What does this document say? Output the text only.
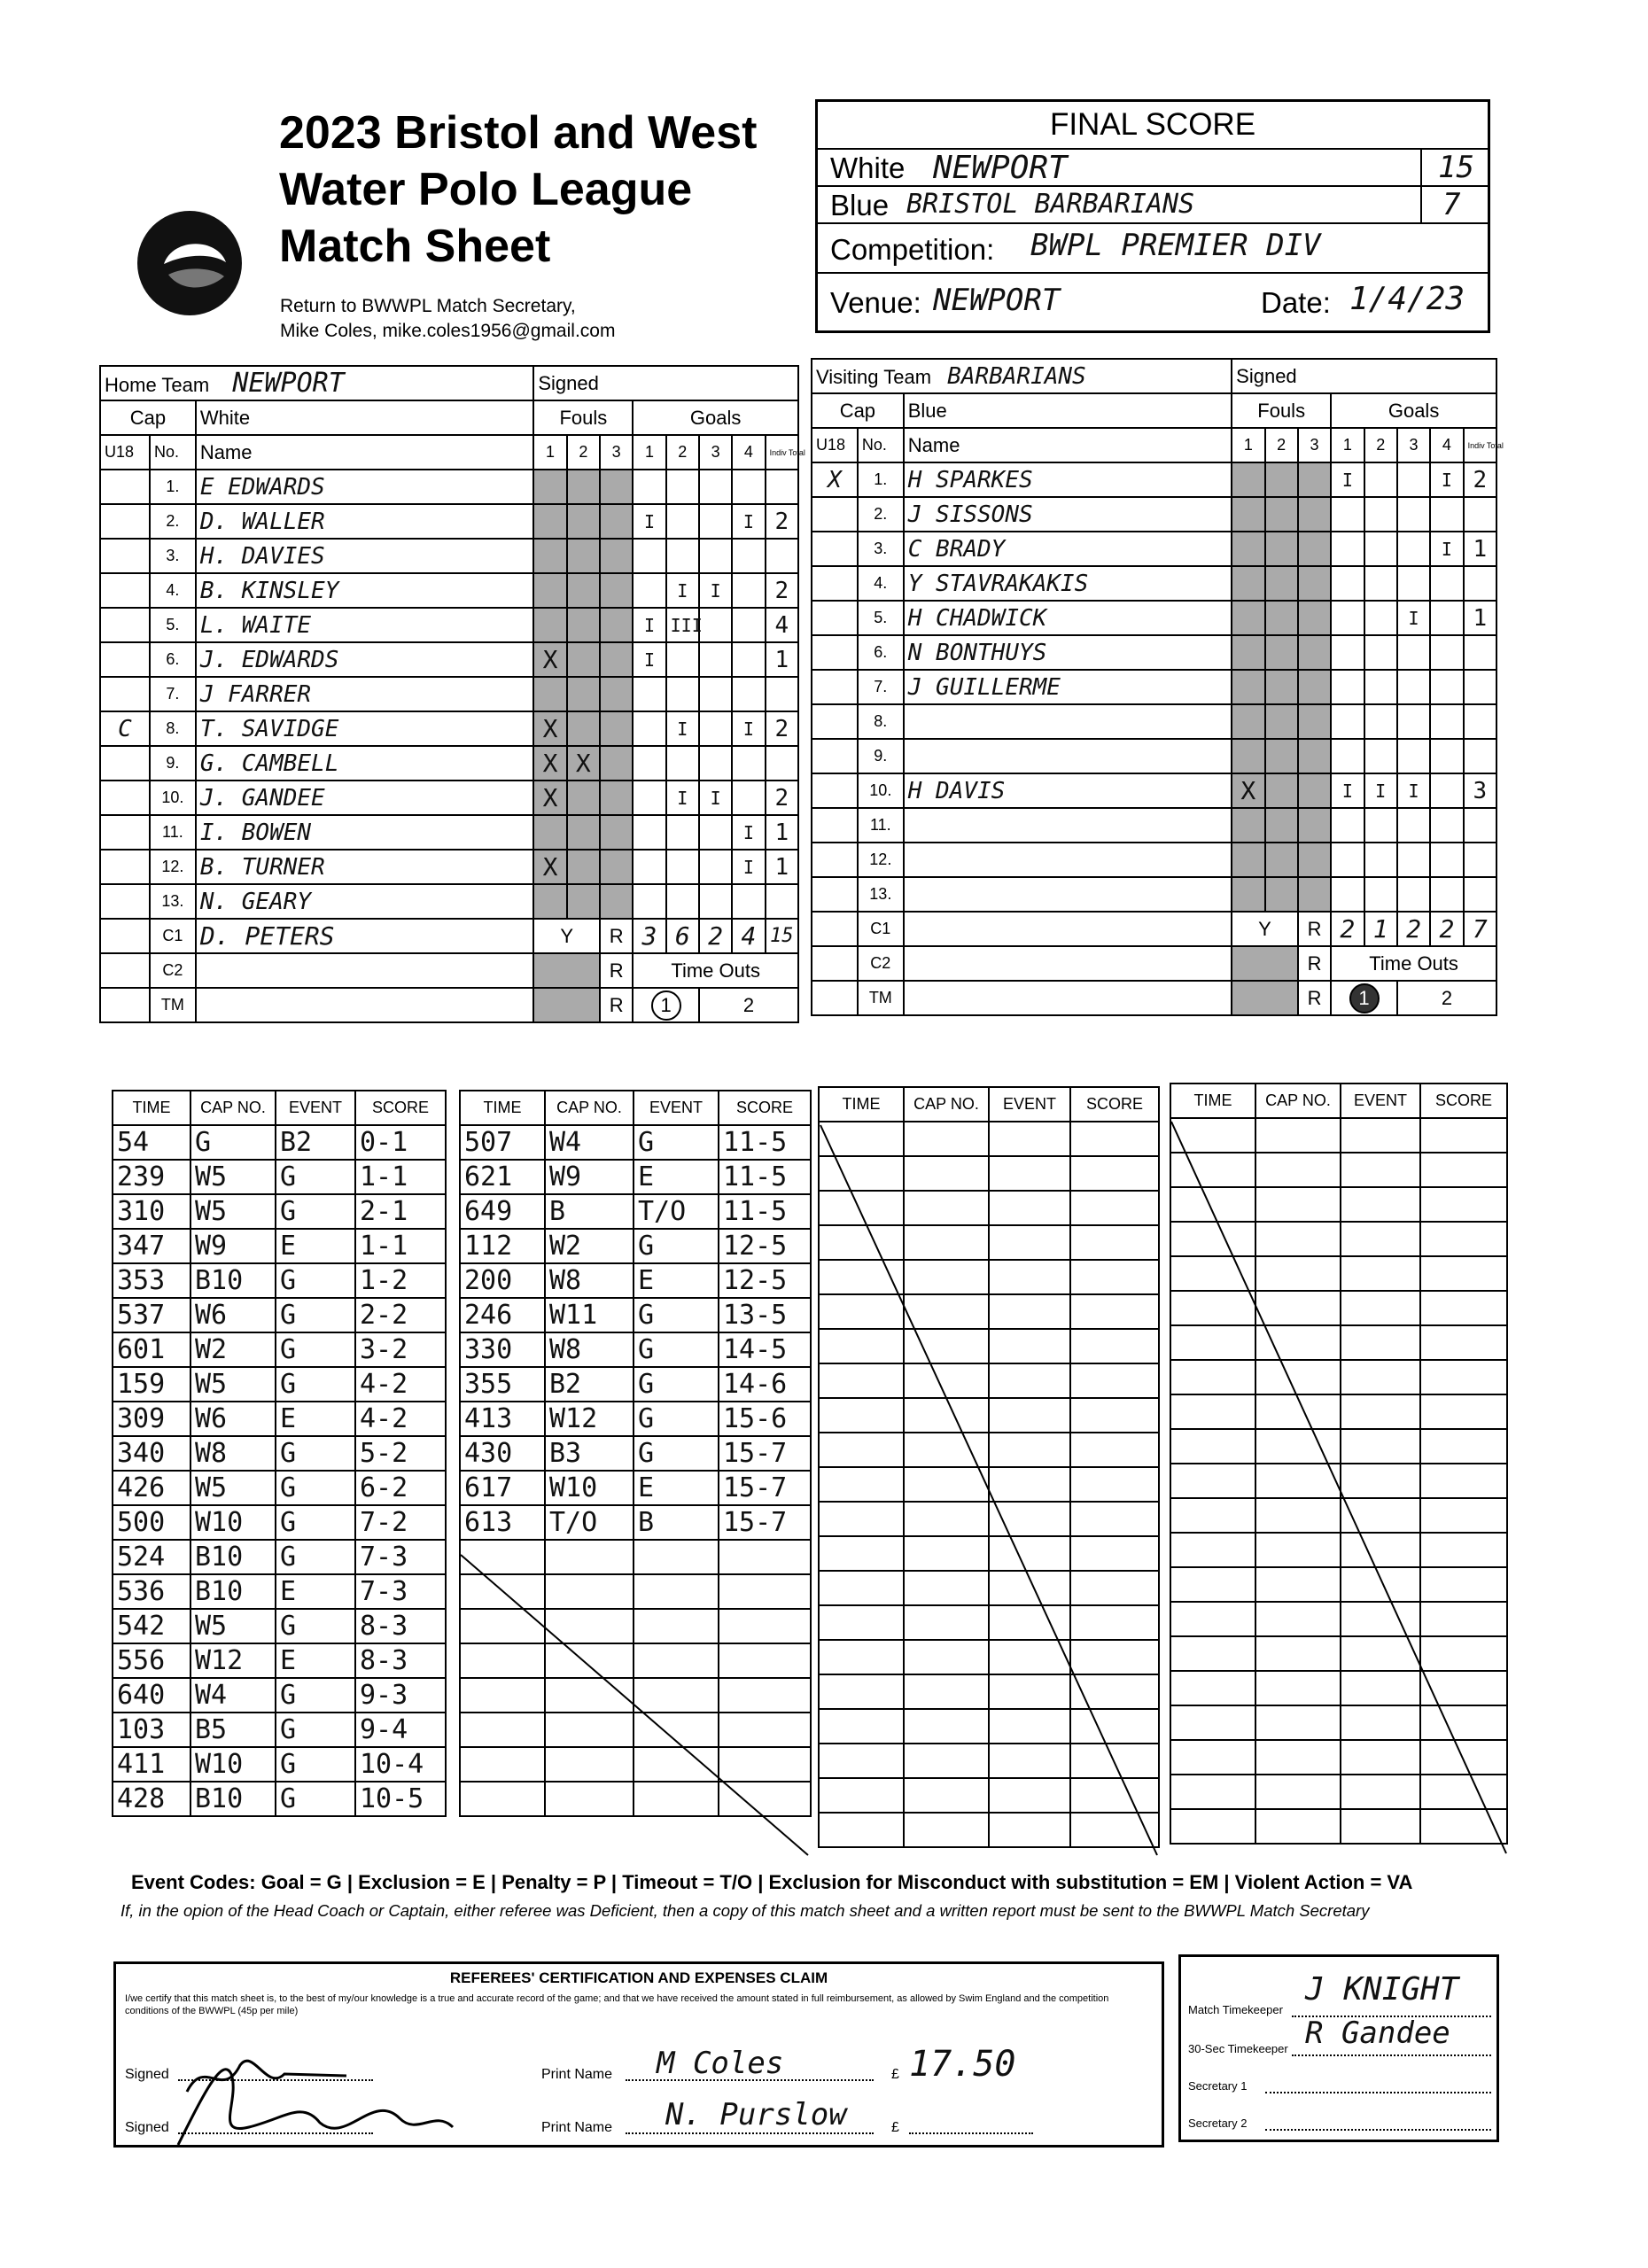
2023 Bristol and West
Water Polo League
Match Sheet
Return to BWWPL Match Secretary,
Mike Coles, mike.coles1956@gmail.com
FINAL SCORE
White NEWPORT	15
Blue BRISTOL BARBARIANS	7
Competition: BWPL PREMIER DIV
Venue: NEWPORT	Date: 1/4/23
Home Team NEWPORT			Signed							
Cap		White	Fouls			Goals				
U18	No.	Name	1	2	3	1	2	3	4	Indiv Total
	1.	E EDWARDS								
	2.	D. WALLER				I			I	2
	3.	H. DAVIES								
	4.	B. KINSLEY					I	I		2
	5.	L. WAITE				I	III			4
	6.	J. EDWARDS	X			I				1
	7.	J FARRER								
C	8.	T. SAVIDGE	X				I		I	2
	9.	G. CAMBELL	X	X						
	10.	J. GANDEE	X				I	I		2
	11.	I. BOWEN							I	1
	12.	B. TURNER	X						I	1
	13.	N. GEARY								
	C1	D. PETERS	Y		R	3	6	2	4	15
	C2				R	Time Outs				
	TM				R	1		2		
Visiting Team BARBARIANS			Signed							
Cap		Blue	Fouls			Goals				
U18	No.	Name	1	2	3	1	2	3	4	Indiv Total
X	1.	H SPARKES				I			I	2
	2.	J SISSONS								
	3.	C BRADY							I	1
	4.	Y STAVRAKAKIS								
	5.	H CHADWICK						I		1
	6.	N BONTHUYS								
	7.	J GUILLERME								
	8.									
	9.									
	10.	H DAVIS	X			I	I	I		3
	11.									
	12.									
	13.									
	C1		Y		R	2	1	2	2	7
	C2				R	Time Outs				
	TM				R	1		2		
TIME	CAP NO.	EVENT	SCORE
54	G	B2	0-1
239	W5	G	1-1
310	W5	G	2-1
347	W9	E	1-1
353	B10	G	1-2
537	W6	G	2-2
601	W2	G	3-2
159	W5	G	4-2
309	W6	E	4-2
340	W8	G	5-2
426	W5	G	6-2
500	W10	G	7-2
524	B10	G	7-3
536	B10	E	7-3
542	W5	G	8-3
556	W12	E	8-3
640	W4	G	9-3
103	B5	G	9-4
411	W10	G	10-4
428	B10	G	10-5
TIME	CAP NO.	EVENT	SCORE
507	W4	G	11-5
621	W9	E	11-5
649	B	T/O	11-5
112	W2	G	12-5
200	W8	E	12-5
246	W11	G	13-5
330	W8	G	14-5
355	B2	G	14-6
413	W12	G	15-6
430	B3	G	15-7
617	W10	E	15-7
613	T/O	B	15-7

TIME	CAP NO.	EVENT	SCORE

				TIME	CAP NO.	EVENT	SCORE

Event Codes: Goal = G | Exclusion = E | Penalty = P | Timeout = T/O | Exclusion for Misconduct with substitution = EM | Violent Action = VA
If, in the opion of the Head Coach or Captain, either referee was Deficient, then a copy of this match sheet and a written report must be sent to the BWWPL Match Secretary
REFEREES' CERTIFICATION AND EXPENSES CLAIM
I/we certify that this match sheet is, to the best of my/our knowledge is a true and accurate record of the game; and that we have received the amount stated in full reimbursement, as allowed by Swim England and the competition conditions of the BWWPL (45p per mile)
Signed	Print Name M Coles	£ 17.50
Signed	Print Name N. Purslow	£
Match Timekeeper
J KNIGHT
30-Sec Timekeeper R Gandee
Secretary 1
Secretary 2
